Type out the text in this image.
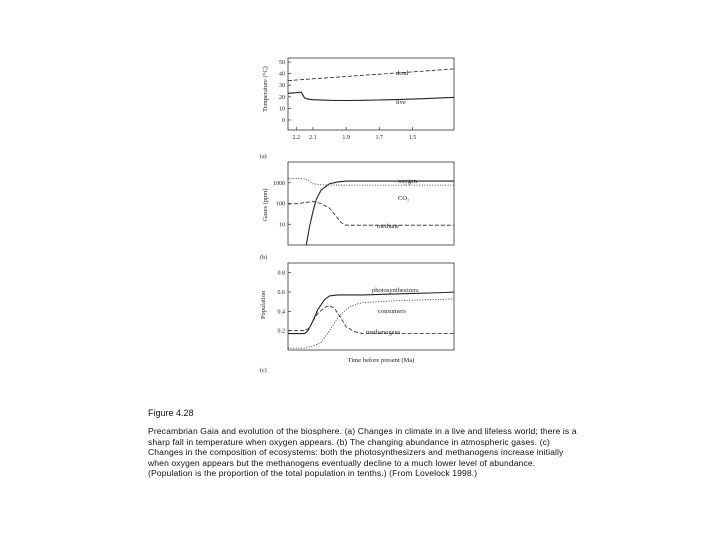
(a)
Temperature (°C)
0
10
20
30
40
50
2.2 2.1	1.9	1.7	1.5
dead
live
(b)
Gases (ppm)
10
100
1000	oxygen
CO₂
methane
(c)
Population
Time before present (Ma)
0.2
0.4
0.6
0.8
photosynthesizers
consumers
methanogens
Figure 4.28
Precambrian Gaia and evolution of the biosphere. (a) Changes in climate in a live and lifeless world; there is a sharp fall in temperature when oxygen appears. (b) The changing abundance in atmospheric gases. (c) Changes in the composition of ecosystems: both the photosynthesizers and methanogens increase initially when oxygen appears but the methanogens eventually decline to a much lower level of abundance. (Population is the proportion of the total population in tenths.) (From Lovelock 1998.)
